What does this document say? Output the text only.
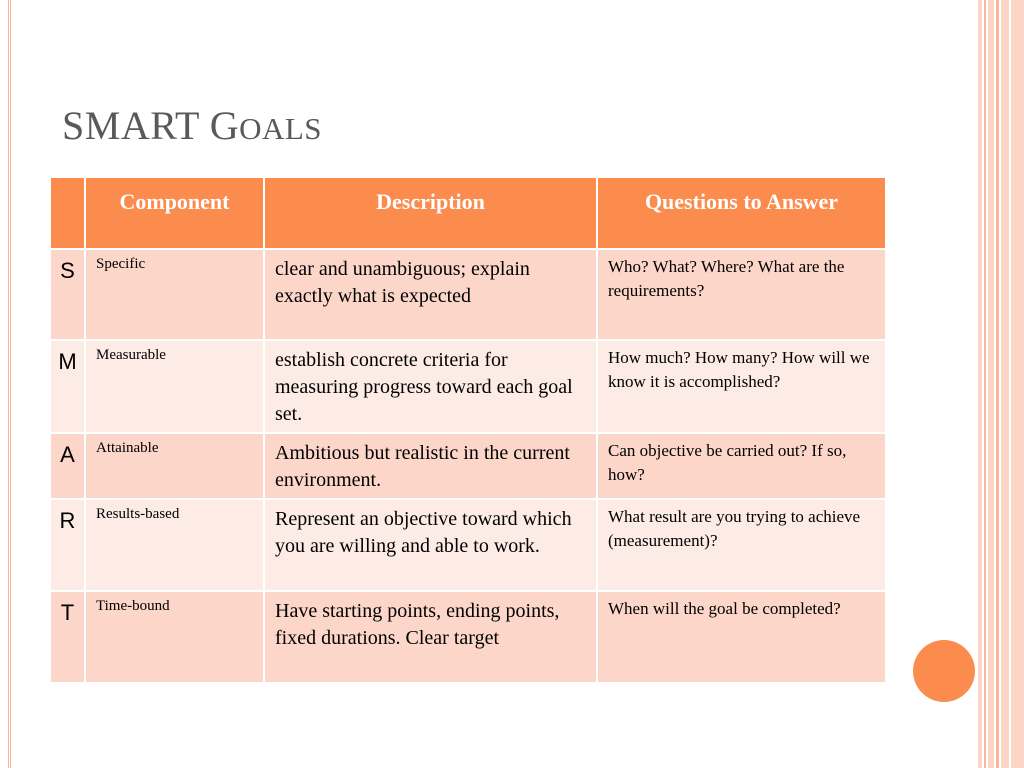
SMART GOALS
	Component	Description	Questions to Answer
S	Specific	clear and unambiguous; explain exactly what is expected	Who? What? Where? What are the requirements?
M	Measurable	establish concrete criteria for measuring progress toward each goal set.	How much? How many? How will we know it is accomplished?
A	Attainable	Ambitious but realistic in the current environment.	Can objective be carried out? If so, how?
R	Results-based	Represent an objective toward which you are willing and able to work.	What result are you trying to achieve (measurement)?
T	Time-bound	Have starting points, ending points, fixed durations. Clear target	When will the goal be completed?
